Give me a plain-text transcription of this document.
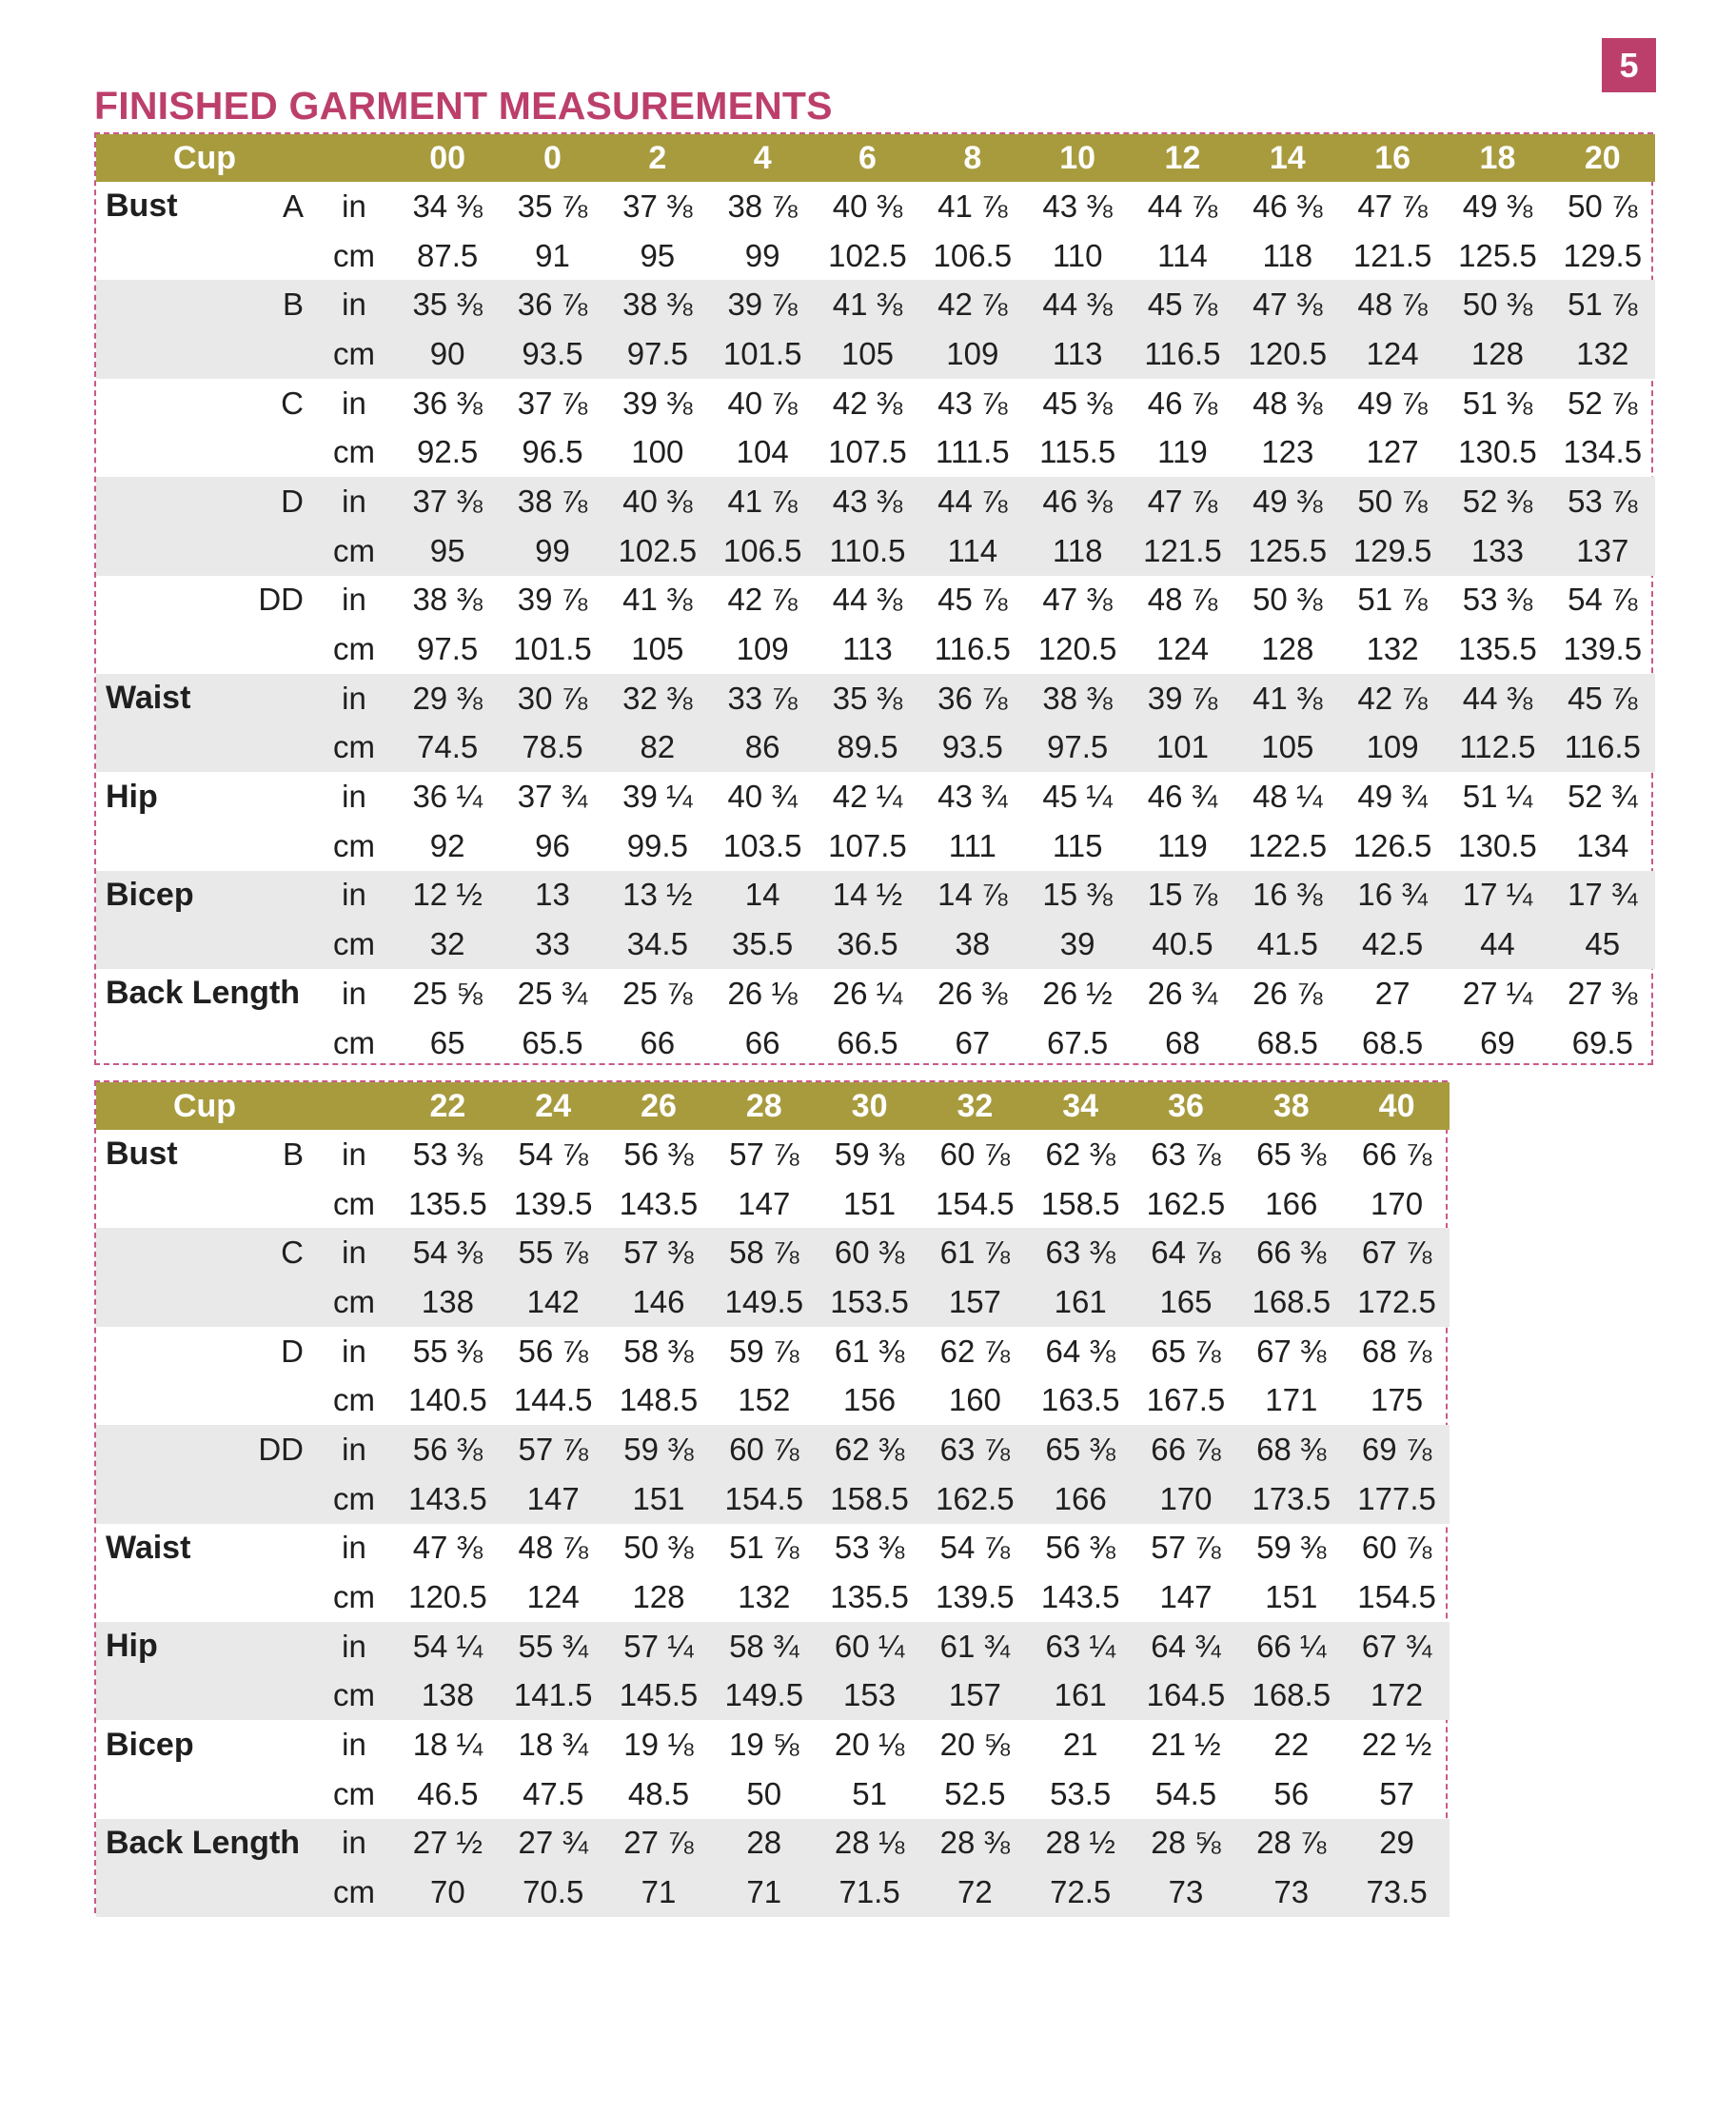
5
FINISHED GARMENT MEASUREMENTS
Cup			00	0	2	4	6	8	10	12	14	16	18	20
Bust	A	in	34 ⅜	35 ⅞	37 ⅜	38 ⅞	40 ⅜	41 ⅞	43 ⅜	44 ⅞	46 ⅜	47 ⅞	49 ⅜	50 ⅞
		cm	87.5	91	95	99	102.5	106.5	110	114	118	121.5	125.5	129.5
	B	in	35 ⅜	36 ⅞	38 ⅜	39 ⅞	41 ⅜	42 ⅞	44 ⅜	45 ⅞	47 ⅜	48 ⅞	50 ⅜	51 ⅞
		cm	90	93.5	97.5	101.5	105	109	113	116.5	120.5	124	128	132
	C	in	36 ⅜	37 ⅞	39 ⅜	40 ⅞	42 ⅜	43 ⅞	45 ⅜	46 ⅞	48 ⅜	49 ⅞	51 ⅜	52 ⅞
		cm	92.5	96.5	100	104	107.5	111.5	115.5	119	123	127	130.5	134.5
	D	in	37 ⅜	38 ⅞	40 ⅜	41 ⅞	43 ⅜	44 ⅞	46 ⅜	47 ⅞	49 ⅜	50 ⅞	52 ⅜	53 ⅞
		cm	95	99	102.5	106.5	110.5	114	118	121.5	125.5	129.5	133	137
	DD	in	38 ⅜	39 ⅞	41 ⅜	42 ⅞	44 ⅜	45 ⅞	47 ⅜	48 ⅞	50 ⅜	51 ⅞	53 ⅜	54 ⅞
		cm	97.5	101.5	105	109	113	116.5	120.5	124	128	132	135.5	139.5
Waist		in	29 ⅜	30 ⅞	32 ⅜	33 ⅞	35 ⅜	36 ⅞	38 ⅜	39 ⅞	41 ⅜	42 ⅞	44 ⅜	45 ⅞
		cm	74.5	78.5	82	86	89.5	93.5	97.5	101	105	109	112.5	116.5
Hip		in	36 ¼	37 ¾	39 ¼	40 ¾	42 ¼	43 ¾	45 ¼	46 ¾	48 ¼	49 ¾	51 ¼	52 ¾
		cm	92	96	99.5	103.5	107.5	111	115	119	122.5	126.5	130.5	134
Bicep		in	12 ½	13	13 ½	14	14 ½	14 ⅞	15 ⅜	15 ⅞	16 ⅜	16 ¾	17 ¼	17 ¾
		cm	32	33	34.5	35.5	36.5	38	39	40.5	41.5	42.5	44	45
Back Length		in	25 ⅝	25 ¾	25 ⅞	26 ⅛	26 ¼	26 ⅜	26 ½	26 ¾	26 ⅞	27	27 ¼	27 ⅜
		cm	65	65.5	66	66	66.5	67	67.5	68	68.5	68.5	69	69.5
Cup			22	24	26	28	30	32	34	36	38	40
Bust	B	in	53 ⅜	54 ⅞	56 ⅜	57 ⅞	59 ⅜	60 ⅞	62 ⅜	63 ⅞	65 ⅜	66 ⅞
		cm	135.5	139.5	143.5	147	151	154.5	158.5	162.5	166	170
	C	in	54 ⅜	55 ⅞	57 ⅜	58 ⅞	60 ⅜	61 ⅞	63 ⅜	64 ⅞	66 ⅜	67 ⅞
		cm	138	142	146	149.5	153.5	157	161	165	168.5	172.5
	D	in	55 ⅜	56 ⅞	58 ⅜	59 ⅞	61 ⅜	62 ⅞	64 ⅜	65 ⅞	67 ⅜	68 ⅞
		cm	140.5	144.5	148.5	152	156	160	163.5	167.5	171	175
	DD	in	56 ⅜	57 ⅞	59 ⅜	60 ⅞	62 ⅜	63 ⅞	65 ⅜	66 ⅞	68 ⅜	69 ⅞
		cm	143.5	147	151	154.5	158.5	162.5	166	170	173.5	177.5
Waist		in	47 ⅜	48 ⅞	50 ⅜	51 ⅞	53 ⅜	54 ⅞	56 ⅜	57 ⅞	59 ⅜	60 ⅞
		cm	120.5	124	128	132	135.5	139.5	143.5	147	151	154.5
Hip		in	54 ¼	55 ¾	57 ¼	58 ¾	60 ¼	61 ¾	63 ¼	64 ¾	66 ¼	67 ¾
		cm	138	141.5	145.5	149.5	153	157	161	164.5	168.5	172
Bicep		in	18 ¼	18 ¾	19 ⅛	19 ⅝	20 ⅛	20 ⅝	21	21 ½	22	22 ½
		cm	46.5	47.5	48.5	50	51	52.5	53.5	54.5	56	57
Back Length		in	27 ½	27 ¾	27 ⅞	28	28 ⅛	28 ⅜	28 ½	28 ⅝	28 ⅞	29
		cm	70	70.5	71	71	71.5	72	72.5	73	73	73.5
